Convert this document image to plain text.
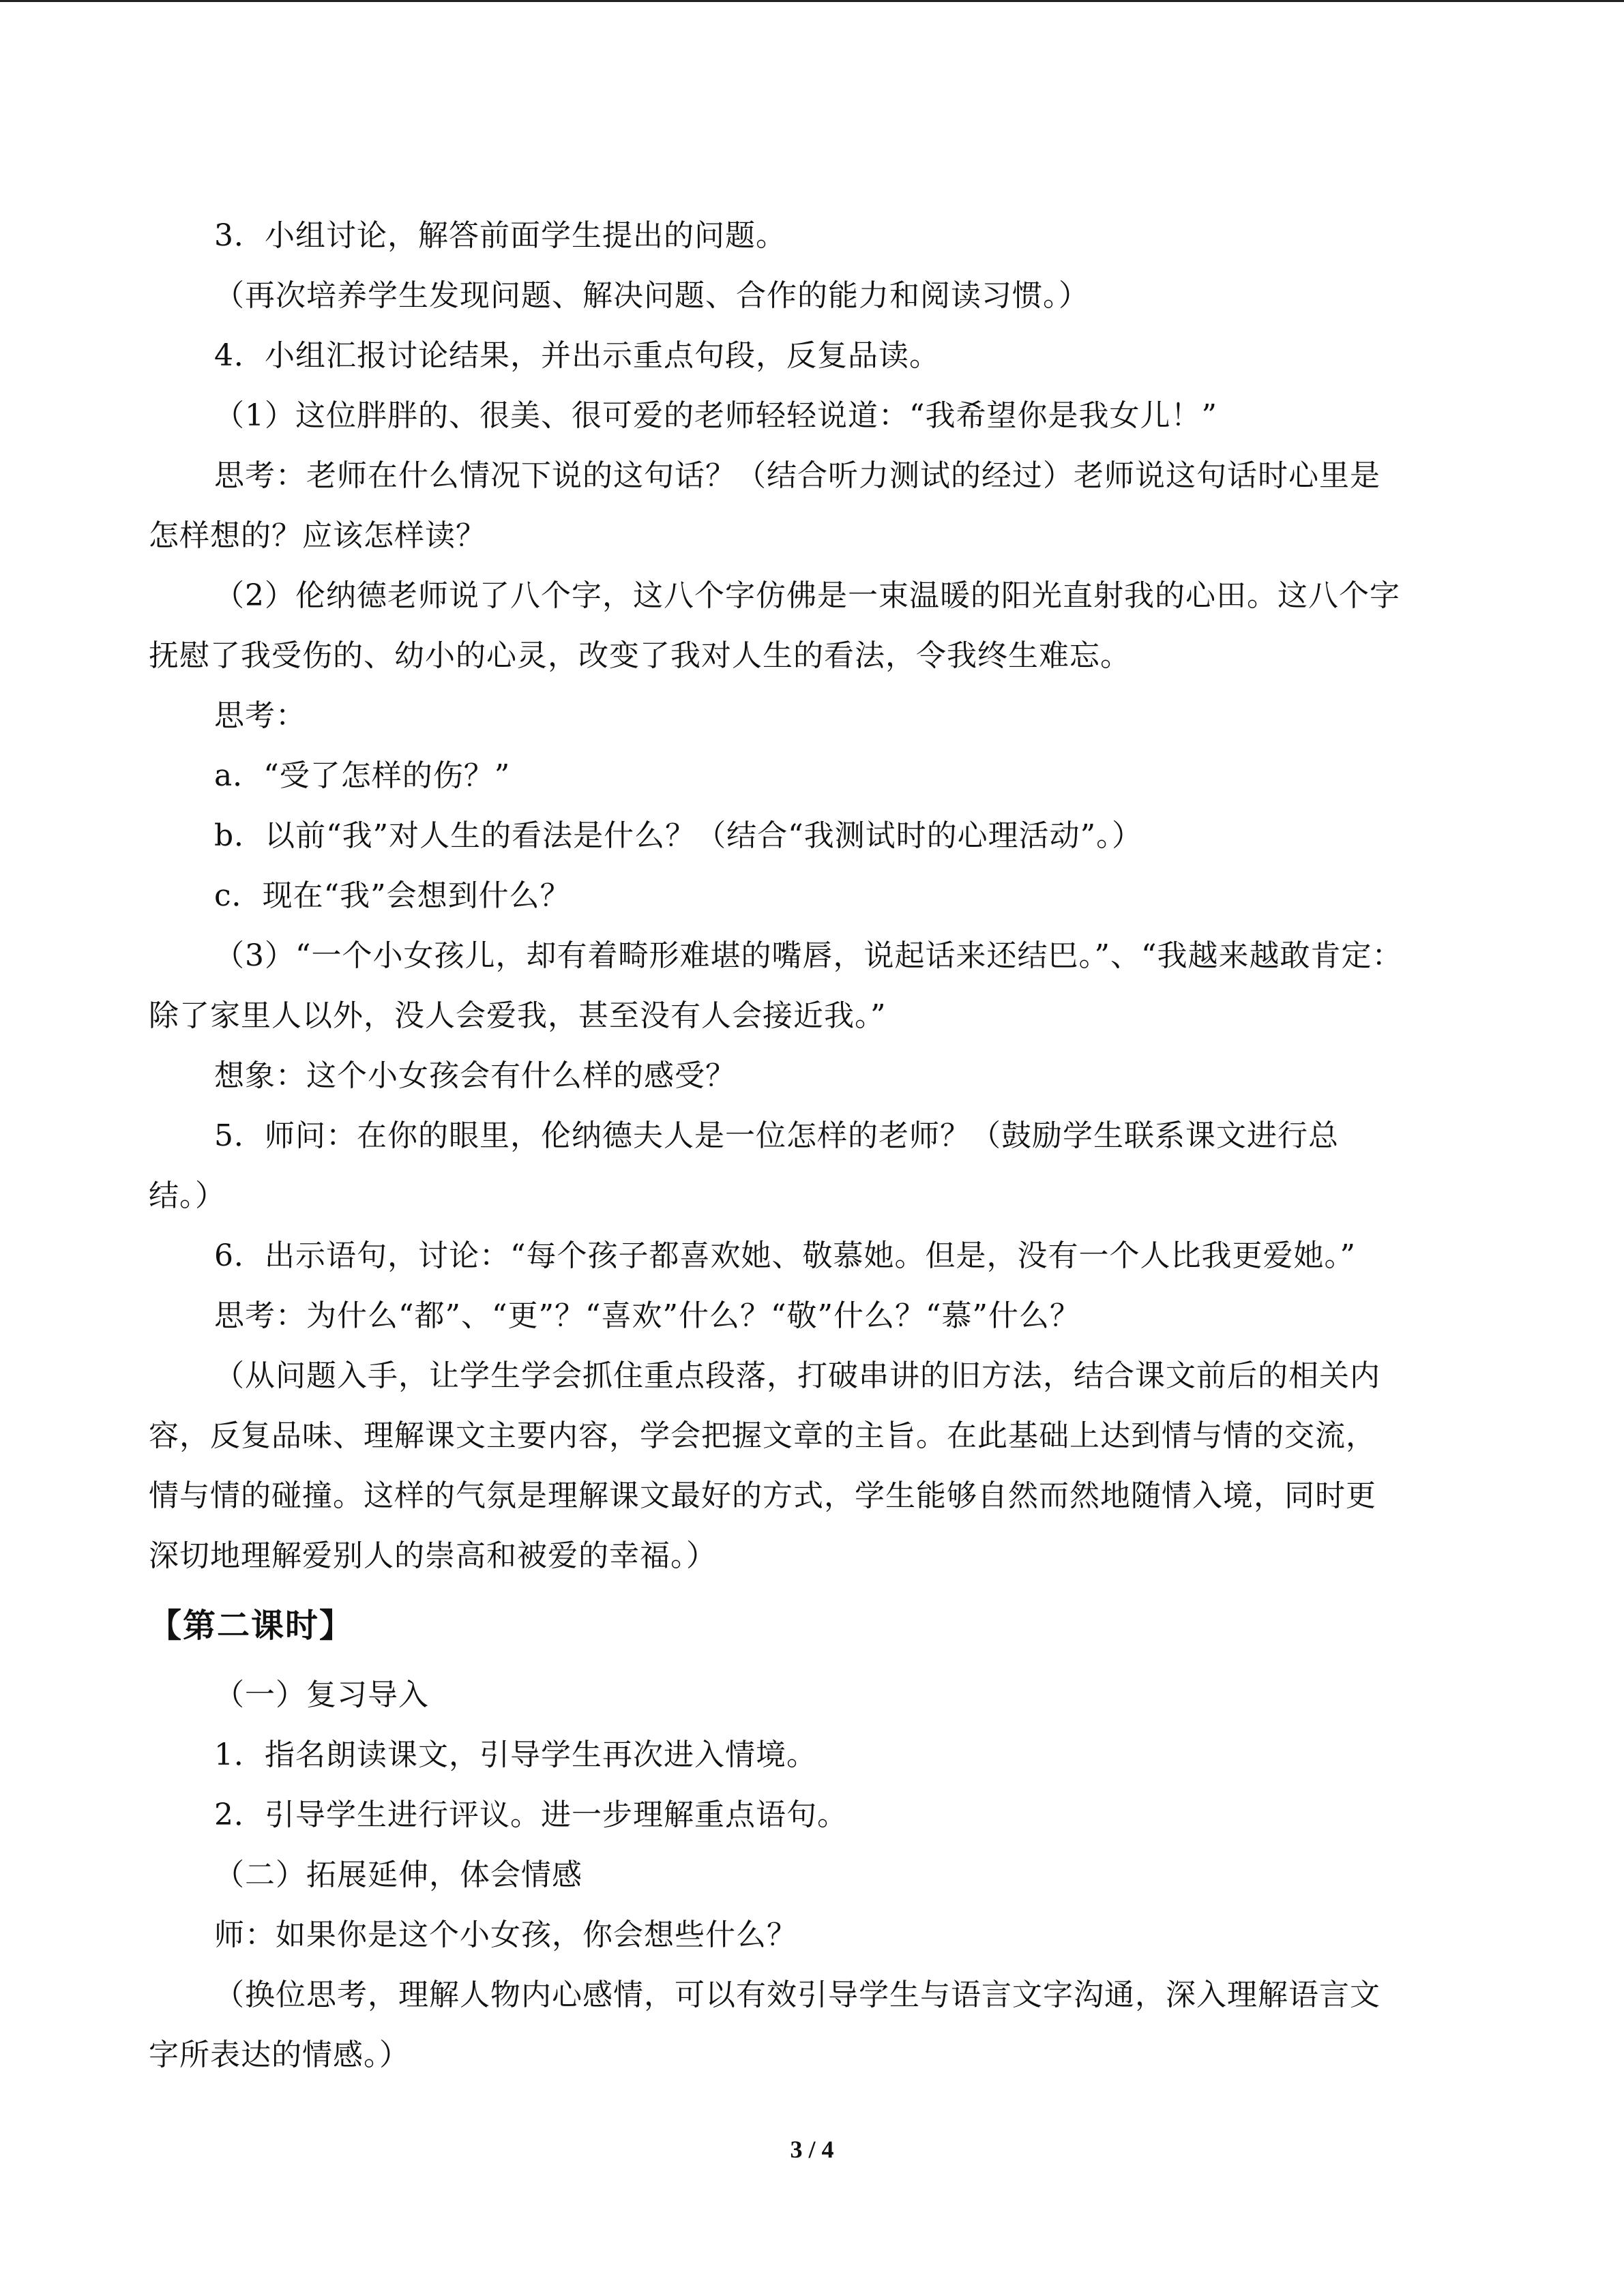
3．小组讨论，解答前面学生提出的问题。
（再次培养学生发现问题、解决问题、合作的能力和阅读习惯。）
4．小组汇报讨论结果，并出示重点句段，反复品读。
（1）这位胖胖的、很美、很可爱的老师轻轻说道：“我希望你是我女儿！”
思考：老师在什么情况下说的这句话？（结合听力测试的经过）老师说这句话时心里是
怎样想的？应该怎样读？
（2）伦纳德老师说了八个字，这八个字仿佛是一束温暖的阳光直射我的心田。这八个字
抚慰了我受伤的、幼小的心灵，改变了我对人生的看法，令我终生难忘。
思考：
a．“受了怎样的伤？”
b．以前“我”对人生的看法是什么？（结合“我测试时的心理活动”。）
c．现在“我”会想到什么？
（3）“一个小女孩儿，却有着畸形难堪的嘴唇，说起话来还结巴。”、“我越来越敢肯定：
除了家里人以外，没人会爱我，甚至没有人会接近我。”
想象：这个小女孩会有什么样的感受？
5．师问：在你的眼里，伦纳德夫人是一位怎样的老师？（鼓励学生联系课文进行总
结。）
6．出示语句，讨论：“每个孩子都喜欢她、敬慕她。但是，没有一个人比我更爱她。”
思考：为什么“都”、“更”？“喜欢”什么？“敬”什么？“慕”什么？
（从问题入手，让学生学会抓住重点段落，打破串讲的旧方法，结合课文前后的相关内
容，反复品味、理解课文主要内容，学会把握文章的主旨。在此基础上达到情与情的交流，
情与情的碰撞。这样的气氛是理解课文最好的方式，学生能够自然而然地随情入境，同时更
深切地理解爱别人的崇高和被爱的幸福。）
【第二课时】
（一）复习导入
1．指名朗读课文，引导学生再次进入情境。
2．引导学生进行评议。进一步理解重点语句。
（二）拓展延伸，体会情感
师：如果你是这个小女孩，你会想些什么？
（换位思考，理解人物内心感情，可以有效引导学生与语言文字沟通，深入理解语言文
字所表达的情感。）
3 / 4
